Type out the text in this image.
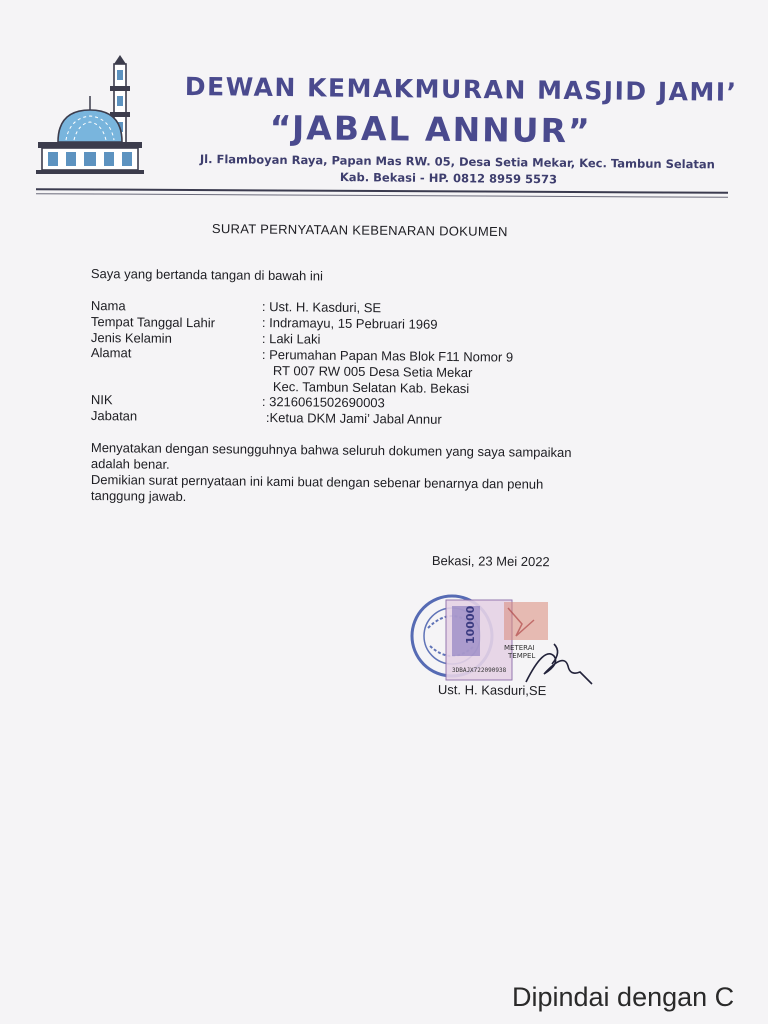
DEWAN KEMAKMURAN MASJID JAMI’
“JABAL ANNUR”
Jl. Flamboyan Raya, Papan Mas RW. 05, Desa Setia Mekar, Kec. Tambun Selatan
Kab. Bekasi - HP. 0812 8959 5573
SURAT PERNYATAAN KEBENARAN DOKUMEN
Saya yang bertanda tangan di bawah ini
Nama	: Ust. H. Kasduri, SE
Tempat Tanggal Lahir	: Indramayu, 15 Pebruari 1969
Jenis Kelamin	: Laki Laki
Alamat	: Perumahan Papan Mas Blok F11 Nomor 9
RT 007 RW 005 Desa Setia Mekar
Kec. Tambun Selatan Kab. Bekasi
NIK	: 3216061502690003
Jabatan	:Ketua DKM Jami’ Jabal Annur
Menyatakan dengan sesungguhnya bahwa seluruh dokumen yang saya sampaikan
adalah benar.
Demikian surat pernyataan ini kami buat dengan sebenar benarnya dan penuh
tanggung jawab.
Bekasi, 23 Mei 2022
METERAI
TEMPEL
10000
3DBAJX722090938
Ust. H. Kasduri,SE
Dipindai dengan C
